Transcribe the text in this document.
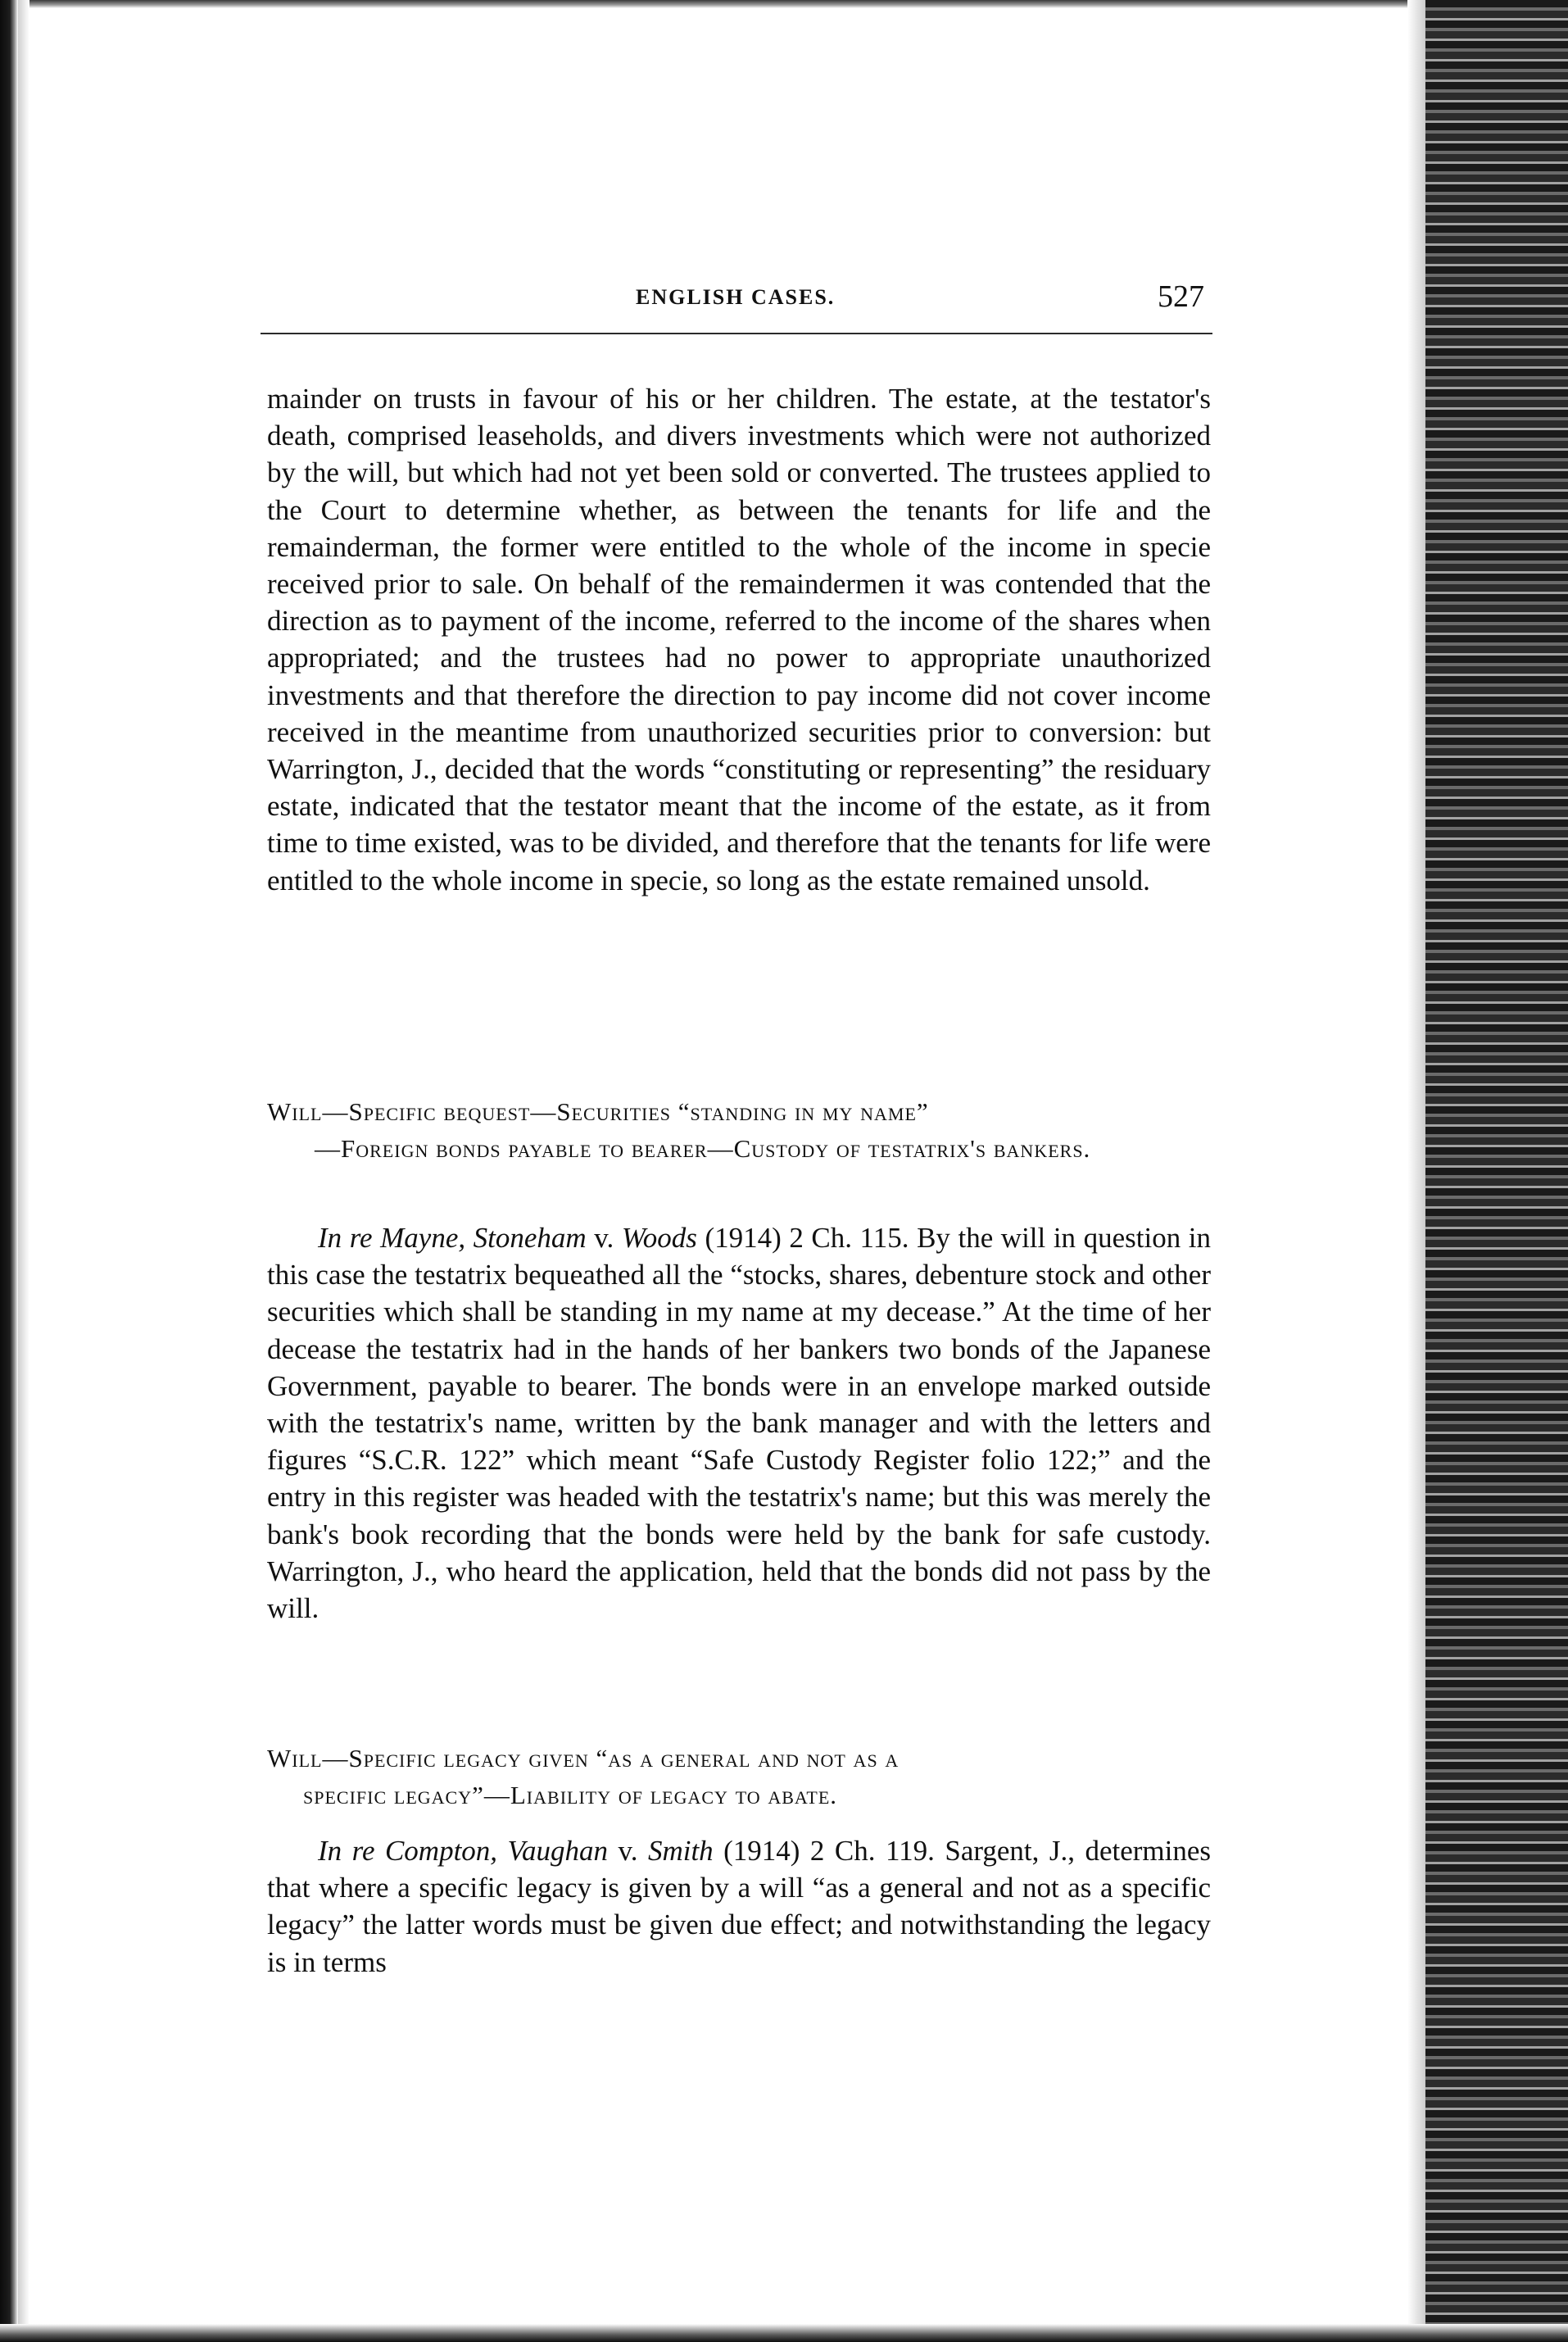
ENGLISH CASES.	527

mainder on trusts in favour of his or her children. The estate, at the testator's death, comprised leaseholds, and divers investments which were not authorized by the will, but which had not yet been sold or converted. The trustees applied to the Court to determine whether, as between the tenants for life and the remainderman, the former were entitled to the whole of the income in specie received prior to sale. On behalf of the remaindermen it was contended that the direction as to payment of the income, referred to the income of the shares when appropriated; and the trustees had no power to appropriate unauthorized investments and that therefore the direction to pay income did not cover income received in the meantime from unauthorized securities prior to conversion: but Warrington, J., decided that the words “constituting or representing” the residuary estate, indicated that the testator meant that the income of the estate, as it from time to time existed, was to be divided, and therefore that the tenants for life were entitled to the whole income in specie, so long as the estate remained unsold.

Will—Specific bequest—Securities “standing in my name”
—Foreign bonds payable to bearer—Custody of testatrix's bankers.

In re Mayne, Stoneham v. Woods (1914) 2 Ch. 115. By the will in question in this case the testatrix bequeathed all the “stocks, shares, debenture stock and other securities which shall be standing in my name at my decease.” At the time of her decease the testatrix had in the hands of her bankers two bonds of the Japanese Government, payable to bearer. The bonds were in an envelope marked outside with the testatrix's name, written by the bank manager and with the letters and figures “S.C.R. 122” which meant “Safe Custody Register folio 122;” and the entry in this register was headed with the testatrix's name; but this was merely the bank's book recording that the bonds were held by the bank for safe custody. Warrington, J., who heard the application, held that the bonds did not pass by the will.

Will—Specific legacy given “as a general and not as a
specific legacy”—Liability of legacy to abate.

In re Compton, Vaughan v. Smith (1914) 2 Ch. 119. Sargent, J., determines that where a specific legacy is given by a will “as a general and not as a specific legacy” the latter words must be given due effect; and notwithstanding the legacy is in terms
